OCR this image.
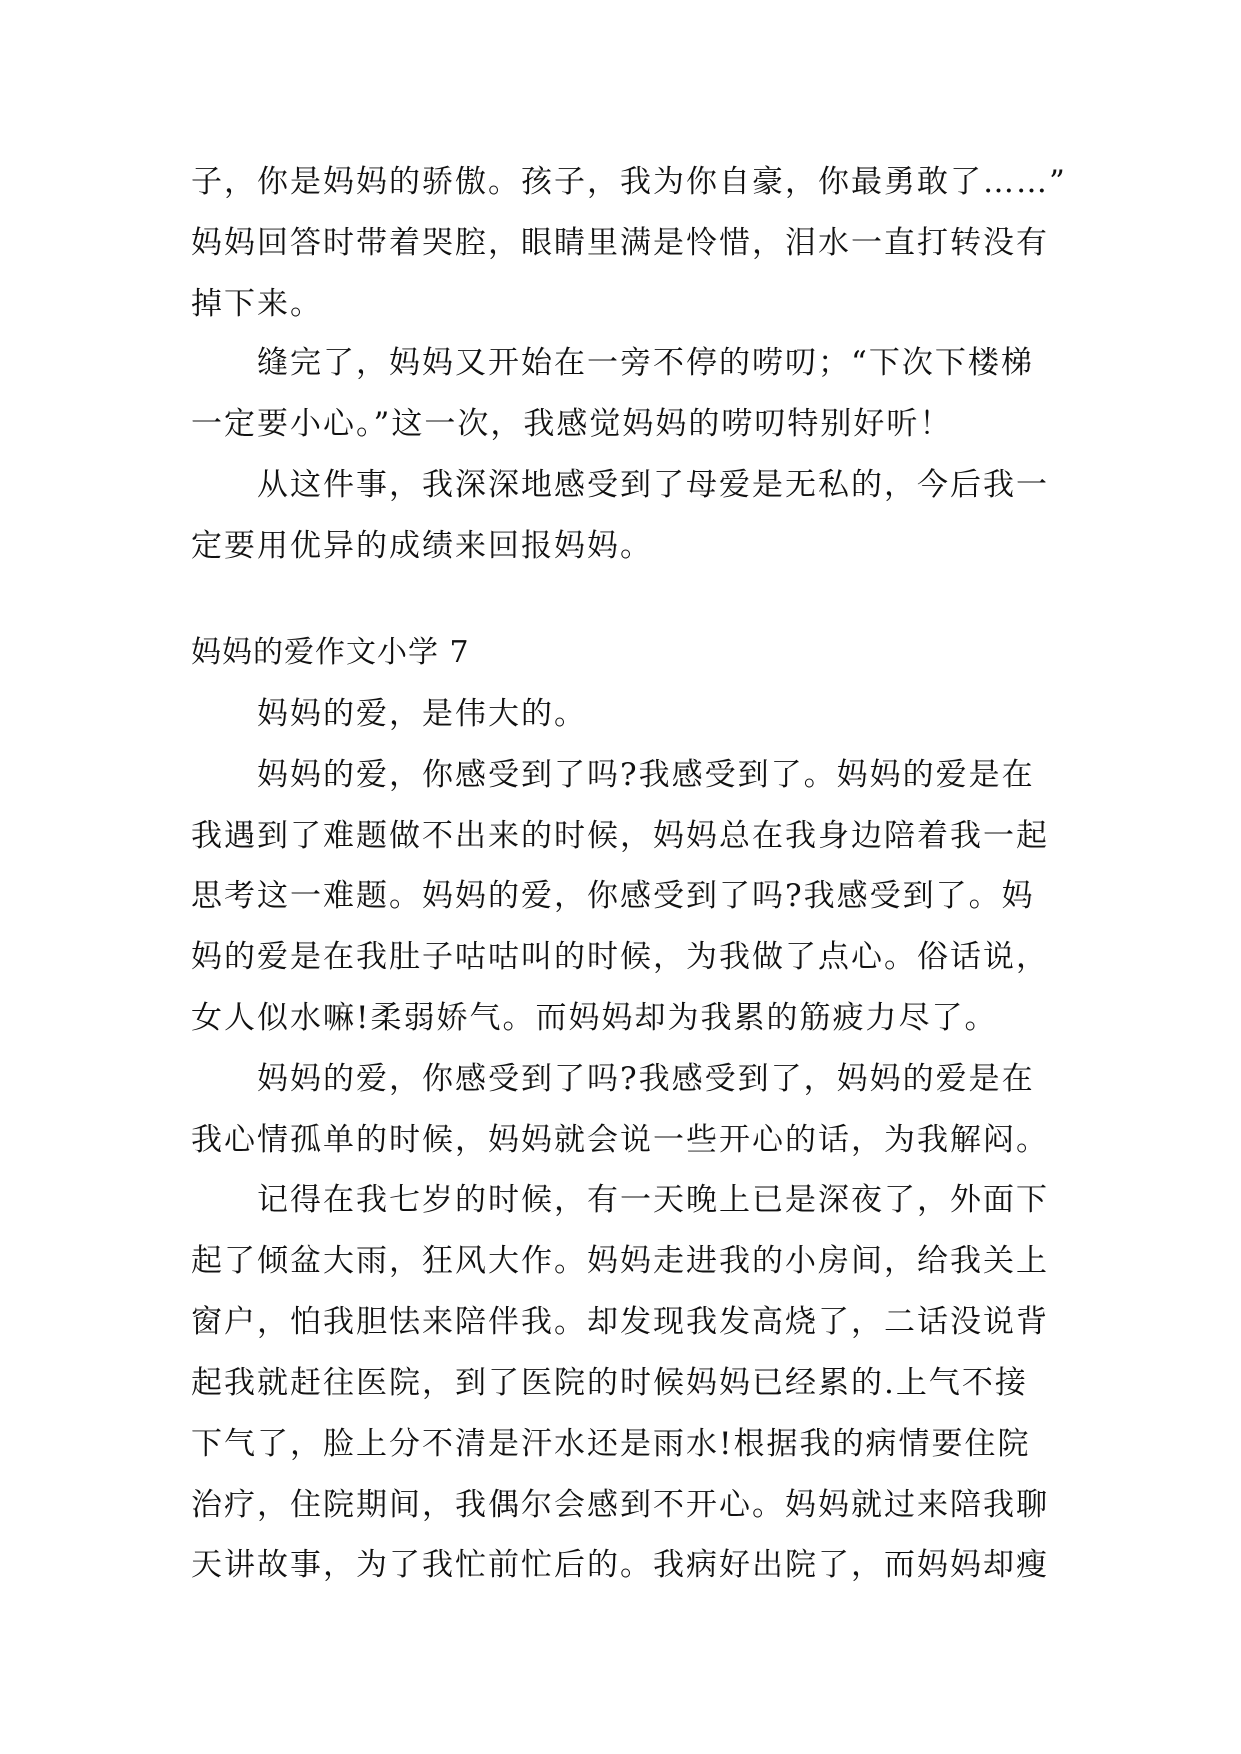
子，你是妈妈的骄傲。孩子，我为你自豪，你最勇敢了……”

妈妈回答时带着哭腔，眼睛里满是怜惜，泪水一直打转没有

掉下来。

缝完了，妈妈又开始在一旁不停的唠叨；“下次下楼梯

一定要小心。”这一次，我感觉妈妈的唠叨特别好听！

从这件事，我深深地感受到了母爱是无私的，今后我一

定要用优异的成绩来回报妈妈。

妈妈的爱作文小学 7

妈妈的爱，是伟大的。

妈妈的爱，你感受到了吗?我感受到了。妈妈的爱是在

我遇到了难题做不出来的时候，妈妈总在我身边陪着我一起

思考这一难题。妈妈的爱，你感受到了吗?我感受到了。妈

妈的爱是在我肚子咕咕叫的时候，为我做了点心。俗话说，

女人似水嘛!柔弱娇气。而妈妈却为我累的筋疲力尽了。

妈妈的爱，你感受到了吗?我感受到了，妈妈的爱是在

我心情孤单的时候，妈妈就会说一些开心的话，为我解闷。

记得在我七岁的时候，有一天晚上已是深夜了，外面下

起了倾盆大雨，狂风大作。妈妈走进我的小房间，给我关上

窗户，怕我胆怯来陪伴我。却发现我发高烧了，二话没说背

起我就赶往医院，到了医院的时候妈妈已经累的.上气不接

下气了，脸上分不清是汗水还是雨水!根据我的病情要住院

治疗，住院期间，我偶尔会感到不开心。妈妈就过来陪我聊

天讲故事，为了我忙前忙后的。我病好出院了，而妈妈却瘦
